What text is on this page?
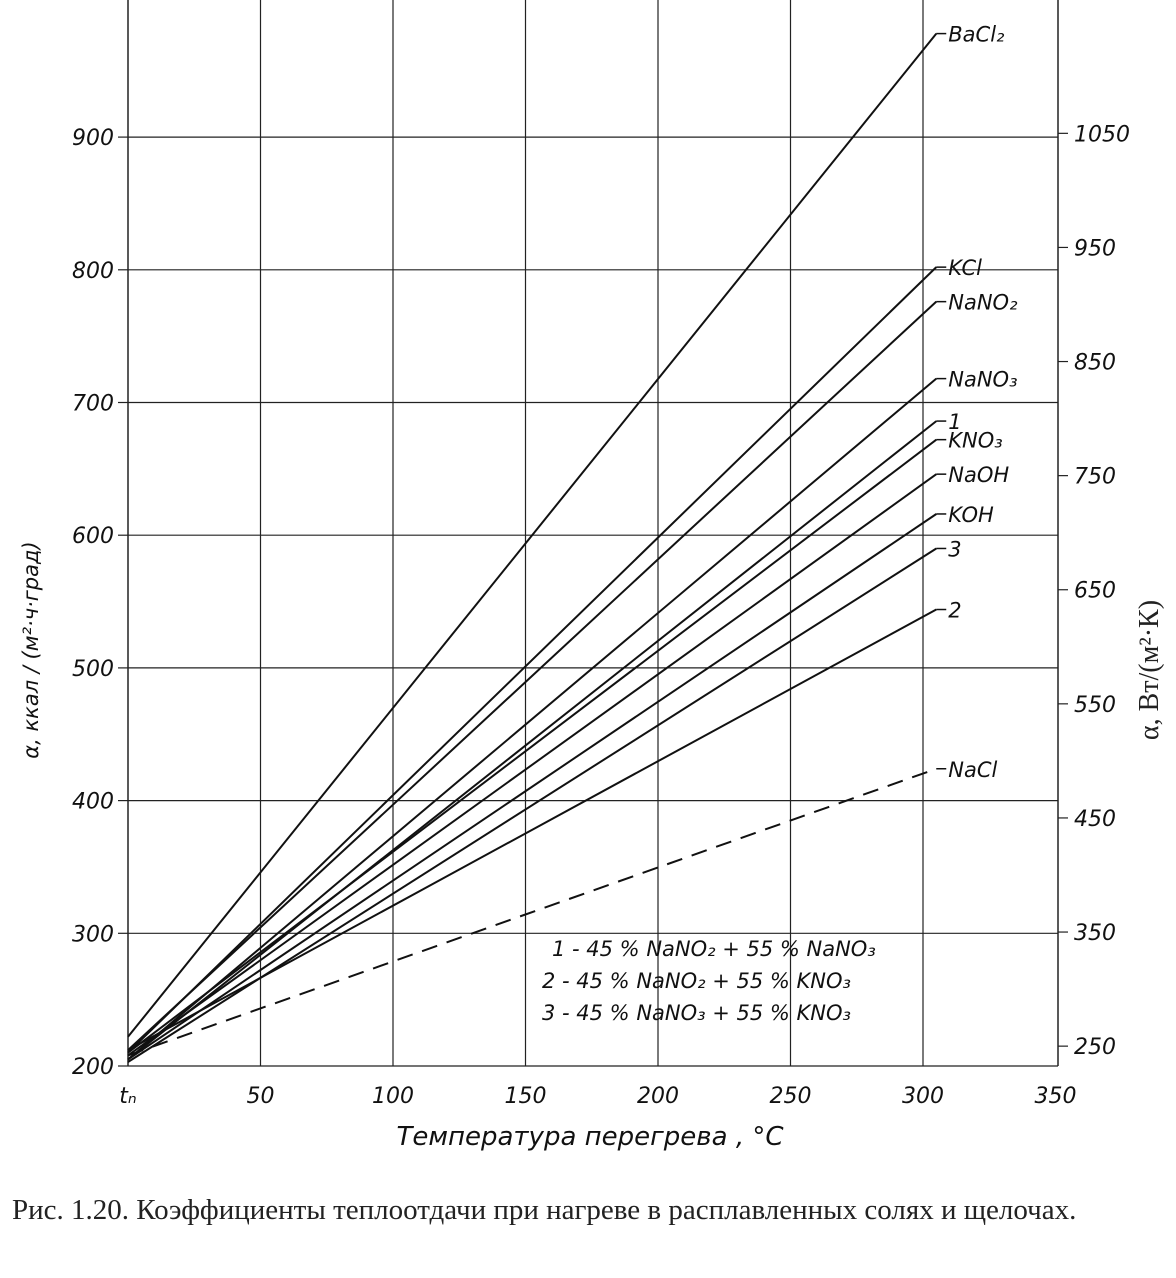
tₙ	50	100	150	200	250	300	350
200
300
400
500
600
700
800
900
250
350
450
550
650
750
850
950
1050
BaCl₂
KCl
NaNO₂
NaNO₃
1
KNO₃
NaOH
KOH
3
2
NaCl
Температура перегрева , °C
α, ккал / (м²·ч·град)	α, Вт/(м²·К)
1 - 45 % NaNO₂ + 55 % NaNO₃
2 - 45 % NaNO₂ + 55 % KNO₃
3 - 45 % NaNO₃ + 55 % KNO₃

Рис. 1.20. Коэффициенты теплоотдачи при нагреве в расплавленных солях и щелочах.
